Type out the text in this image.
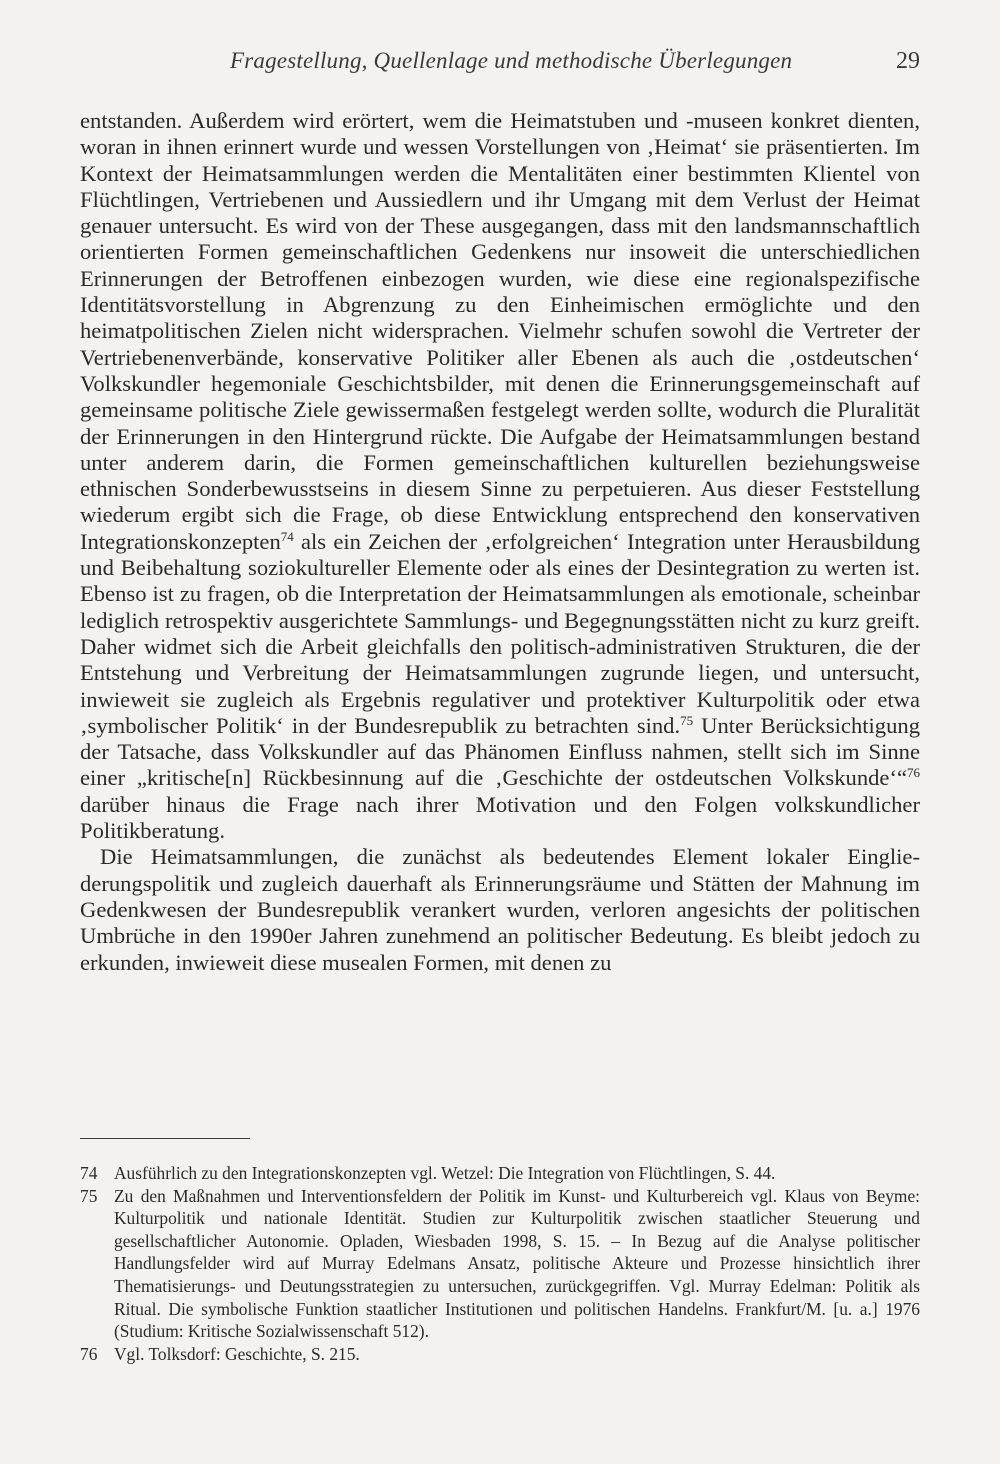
Fragestellung, Quellenlage und methodische Überlegungen	29

entstanden. Außerdem wird erörtert, wem die Heimatstuben und -museen konkret dienten, woran in ihnen erinnert wurde und wessen Vorstellungen von ‚Heimat‘ sie präsentierten. Im Kontext der Heimatsammlungen werden die Mentalitäten einer bestimmten Klientel von Flüchtlingen, Vertriebenen und Aussiedlern und ihr Umgang mit dem Verlust der Heimat genauer untersucht. Es wird von der These ausgegangen, dass mit den landsmannschaftlich orientierten Formen gemeinschaftlichen Gedenkens nur insoweit die unterschiedlichen Erinnerungen der Betroffenen einbezogen wurden, wie diese eine regionalspezifische Identitätsvorstellung in Abgrenzung zu den Einheimischen ermöglichte und den heimatpolitischen Zielen nicht widersprachen. Vielmehr schufen sowohl die Vertreter der Vertriebenenverbände, konservative Politiker aller Ebenen als auch die ‚ostdeutschen‘ Volkskundler hegemoniale Geschichtsbilder, mit denen die Erinnerungsgemeinschaft auf gemeinsame politische Ziele gewissermaßen festgelegt werden sollte, wodurch die Pluralität der Erinnerungen in den Hintergrund rückte. Die Aufgabe der Heimatsammlungen bestand unter anderem darin, die Formen gemeinschaftlichen kulturellen beziehungsweise ethnischen Sonderbewusstseins in diesem Sinne zu perpetuieren. Aus dieser Feststellung wiederum ergibt sich die Frage, ob diese Entwicklung entsprechend den konservativen Integrationskonzepten$^{74}$ als ein Zeichen der ‚erfolgreichen‘ Integration unter Herausbildung und Beibehaltung soziokultureller Elemente oder als eines der Desintegration zu werten ist. Ebenso ist zu fragen, ob die Interpretation der Heimatsammlungen als emotionale, scheinbar lediglich retrospektiv ausgerichtete Sammlungs- und Begegnungsstätten nicht zu kurz greift. Daher widmet sich die Arbeit gleichfalls den politisch-administrativen Strukturen, die der Entstehung und Verbreitung der Heimatsammlungen zugrunde liegen, und untersucht, inwieweit sie zugleich als Ergebnis regulativer und protektiver Kulturpolitik oder etwa ‚symbolischer Politik‘ in der Bundesrepublik zu betrachten sind.$^{75}$ Unter Berücksichtigung der Tatsache, dass Volkskundler auf das Phänomen Einfluss nahmen, stellt sich im Sinne einer „kritische[n] Rückbesinnung auf die ‚Geschichte der ostdeutschen Volkskunde‘“$^{76}$ darüber hinaus die Frage nach ihrer Motivation und den Folgen volkskundlicher Politikberatung.

Die Heimatsammlungen, die zunächst als bedeutendes Element lokaler Eingliederungspolitik und zugleich dauerhaft als Erinnerungsräume und Stätten der Mahnung im Gedenkwesen der Bundesrepublik verankert wurden, verloren angesichts der politischen Umbrüche in den 1990er Jahren zunehmend an politischer Bedeutung. Es bleibt jedoch zu erkunden, inwieweit diese musealen Formen, mit denen zu

74 Ausführlich zu den Integrationskonzepten vgl. Wetzel: Die Integration von Flüchtlingen, S. 44.
75 Zu den Maßnahmen und Interventionsfeldern der Politik im Kunst- und Kulturbereich vgl. Klaus von Beyme: Kulturpolitik und nationale Identität. Studien zur Kulturpolitik zwischen staatlicher Steuerung und gesellschaftlicher Autonomie. Opladen, Wiesbaden 1998, S. 15. – In Bezug auf die Analyse politischer Handlungsfelder wird auf Murray Edelmans Ansatz, politische Akteure und Prozesse hinsichtlich ihrer Thematisierungs- und Deutungsstrategien zu untersuchen, zurückgegriffen. Vgl. Murray Edelman: Politik als Ritual. Die symbolische Funktion staatlicher Institutionen und politischen Handelns. Frankfurt/M. [u. a.] 1976 (Studium: Kritische Sozialwissenschaft 512).
76 Vgl. Tolksdorf: Geschichte, S. 215.
